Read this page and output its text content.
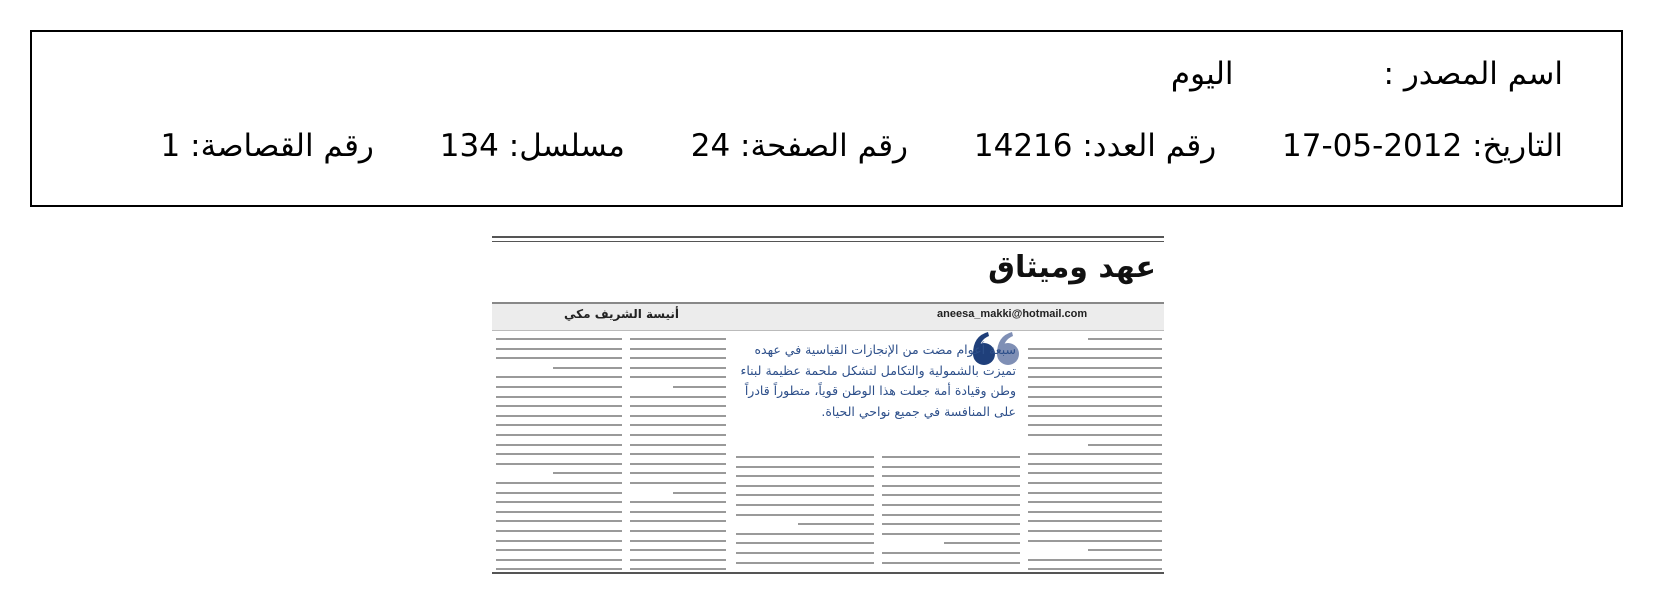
اسم المصدر :اليوم
التاريخ: 2012-05-17 رقم العدد: 14216 رقم الصفحة: 24 مسلسل: 134 رقم القصاصة: 1
عهد وميثاق
aneesa_makki@hotmail.com
أنيسة الشريف مكي
سبعة أعوام مضت من الإنجازات القياسية في عهده تميزت بالشمولية والتكامل لتشكل ملحمة عظيمة لبناء وطن وقيادة أمة جعلت هذا الوطن قوياً، متطوراً قادراً على المنافسة في جميع نواحي الحياة.
